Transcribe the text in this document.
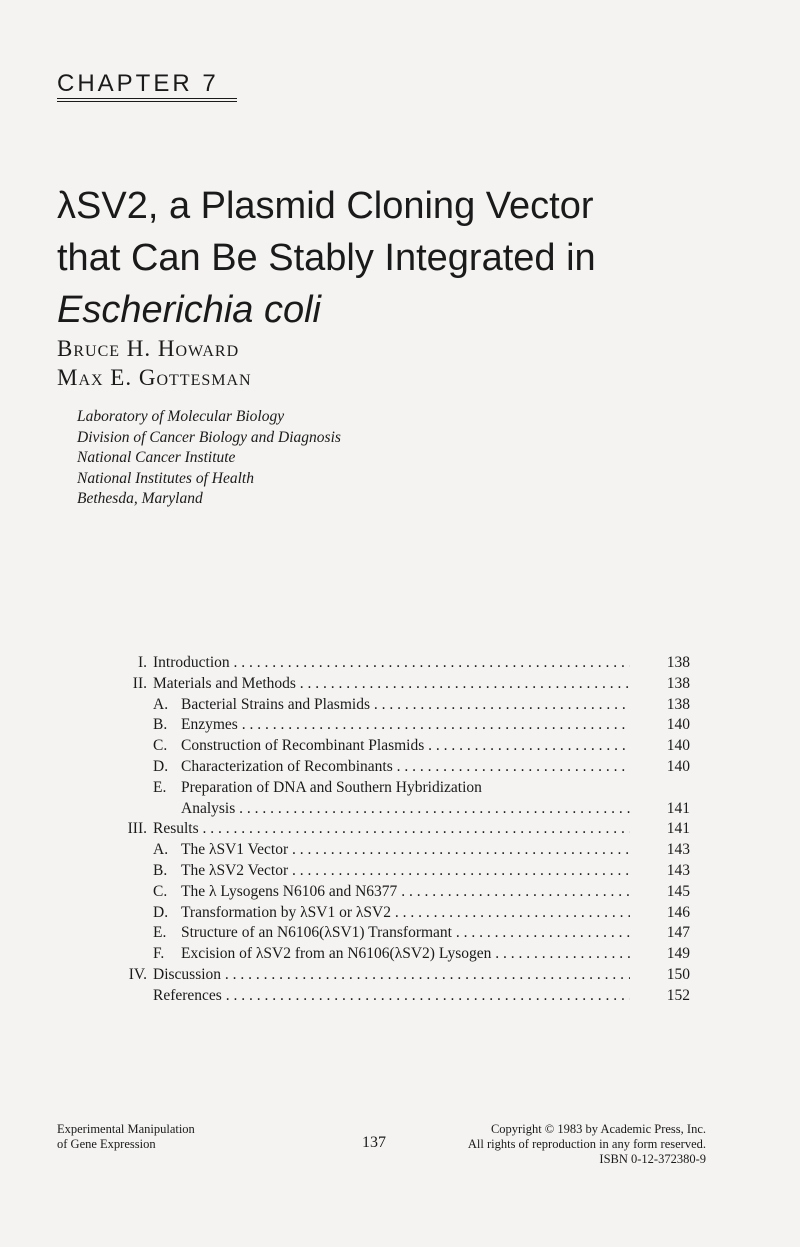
CHAPTER 7
λSV2, a Plasmid Cloning Vector
that Can Be Stably Integrated in
Escherichia coli
Bruce H. Howard
Max E. Gottesman
Laboratory of Molecular Biology
Division of Cancer Biology and Diagnosis
National Cancer Institute
National Institutes of Health
Bethesda, Maryland
I. Introduction . . .	138
II. Materials and Methods . . .	138
A. Bacterial Strains and Plasmids . . .	138
B. Enzymes . . .	140
C. Construction of Recombinant Plasmids . . .	140
D. Characterization of Recombinants . . .	140
E. Preparation of DNA and Southern Hybridization
Analysis . . .	141
III. Results . . .	141
A. The λSV1 Vector . . .	143
B. The λSV2 Vector . . .	143
C. The λ Lysogens N6106 and N6377 . . .	145
D. Transformation by λSV1 or λSV2 . . .	146
E. Structure of an N6106(λSV1) Transformant . . .	147
F.	Excision of λSV2 from an N6106(λSV2) Lysogen . . .	149
IV. Discussion . . .	150
References . . .	152
Experimental Manipulation
of Gene Expression	137
Copyright © 1983 by Academic Press, Inc.
All rights of reproduction in any form reserved.
ISBN 0-12-372380-9
